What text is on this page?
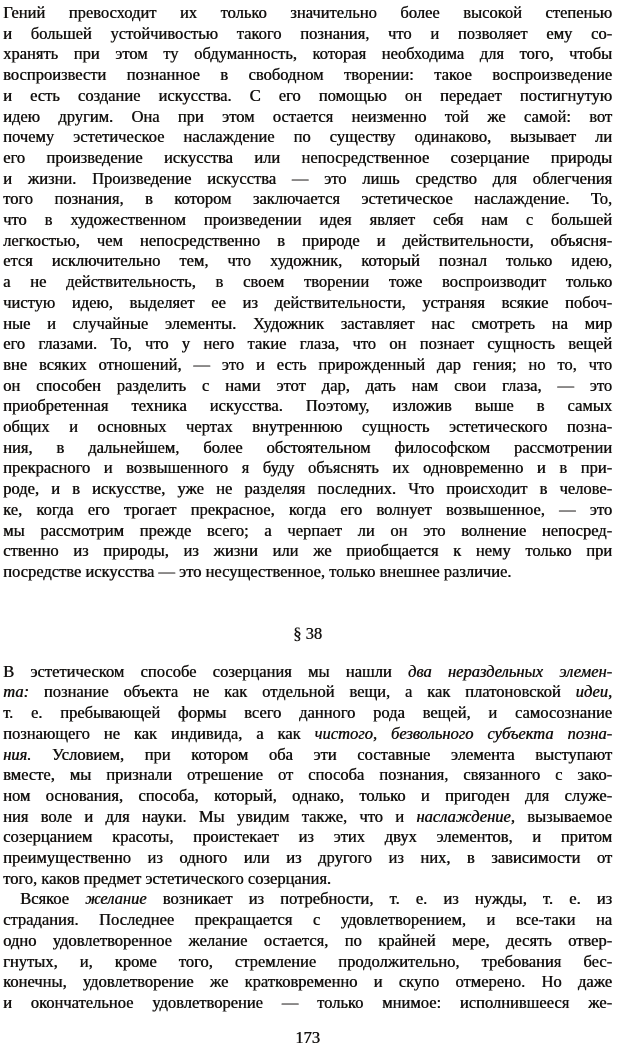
Гений превосходит их только значительно более высокой степенью
и большей устойчивостью такого познания, что и позволяет ему со-
хранять при этом ту обдуманность, которая необходима для того, чтобы
воспроизвести познанное в свободном творении: такое воспроизведение
и есть создание искусства. С его помощью он передает постигнутую
идею другим. Она при этом остается неизменно той же самой: вот
почему эстетическое наслаждение по существу одинаково, вызывает ли
его произведение искусства или непосредственное созерцание природы
и жизни. Произведение искусства — это лишь средство для облегчения
того познания, в котором заключается эстетическое наслаждение. То,
что в художественном произведении идея являет себя нам с большей
легкостью, чем непосредственно в природе и действительности, объясня-
ется исключительно тем, что художник, который познал только идею,
а не действительность, в своем творении тоже воспроизводит только
чистую идею, выделяет ее из действительности, устраняя всякие побоч-
ные и случайные элементы. Художник заставляет нас смотреть на мир
его глазами. То, что у него такие глаза, что он познает сущность вещей
вне всяких отношений, — это и есть прирожденный дар гения; но то, что
он способен разделить с нами этот дар, дать нам свои глаза, — это
приобретенная техника искусства. Поэтому, изложив выше в самых
общих и основных чертах внутреннюю сущность эстетического позна-
ния, в дальнейшем, более обстоятельном философском рассмотрении
прекрасного и возвышенного я буду объяснять их одновременно и в при-
роде, и в искусстве, уже не разделяя последних. Что происходит в челове-
ке, когда его трогает прекрасное, когда его волнует возвышенное, — это
мы рассмотрим прежде всего; а черпает ли он это волнение непосред-
ственно из природы, из жизни или же приобщается к нему только при
посредстве искусства — это несущественное, только внешнее различие.
§ 38
В эстетическом способе созерцания мы нашли два нераздельных элемен-
та: познание объекта не как отдельной вещи, а как платоновской идеи,
т. е. пребывающей формы всего данного рода вещей, и самосознание
познающего не как индивида, а как чистого, безвольного субъекта позна-
ния. Условием, при котором оба эти составные элемента выступают
вместе, мы признали отрешение от способа познания, связанного с зако-
ном основания, способа, который, однако, только и пригоден для служе-
ния воле и для науки. Мы увидим также, что и наслаждение, вызываемое
созерцанием красоты, проистекает из этих двух элементов, и притом
преимущественно из одного или из другого из них, в зависимости от
того, каков предмет эстетического созерцания.
Всякое желание возникает из потребности, т. е. из нужды, т. е. из
страдания. Последнее прекращается с удовлетворением, и все-таки на
одно удовлетворенное желание остается, по крайней мере, десять отвер-
гнутых, и, кроме того, стремление продолжительно, требования бес-
конечны, удовлетворение же кратковременно и скупо отмерено. Но даже
и окончательное удовлетворение — только мнимое: исполнившееся же-
173
